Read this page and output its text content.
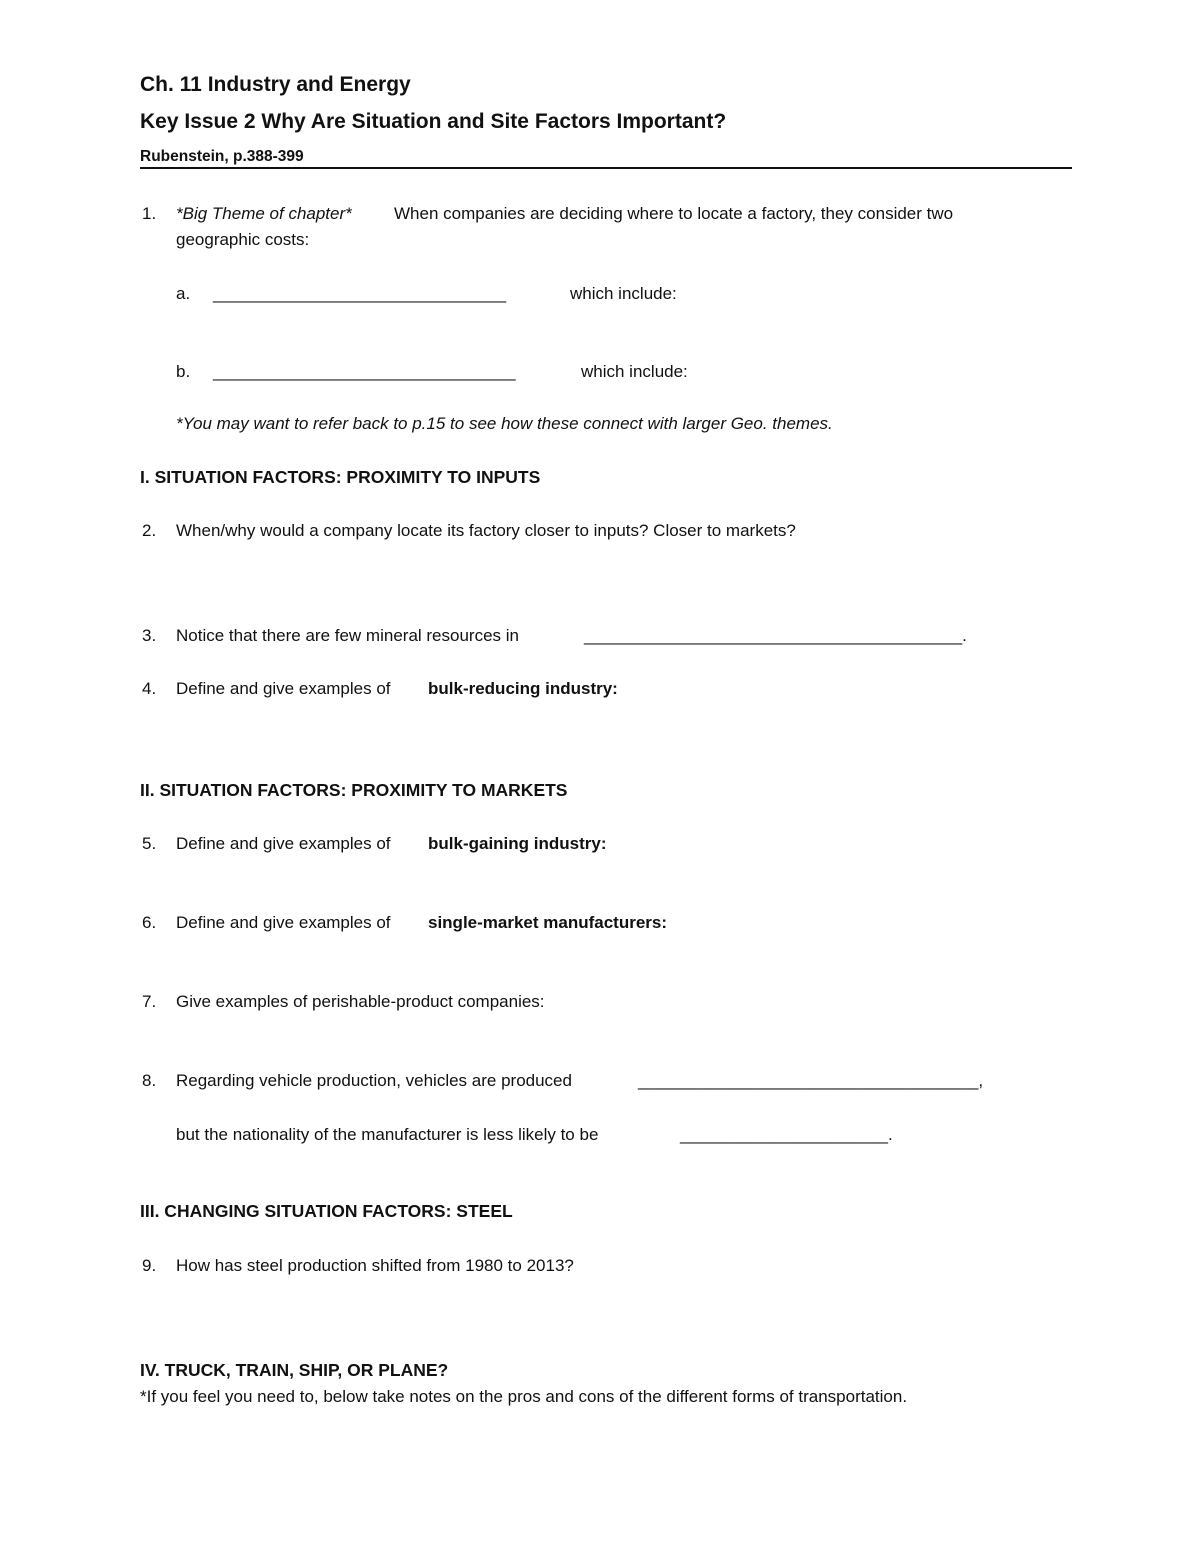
Ch. 11 Industry and Energy
Key Issue 2 Why Are Situation and Site Factors Important?
Rubenstein, p.388-399
1.	*Big Theme of chapter* When companies are deciding where to locate a factory, they consider two
geographic costs:
a. _______________________________	which include:
b. ________________________________	which include:
*You may want to refer back to p.15 to see how these connect with larger Geo. themes.
I. SITUATION FACTORS: PROXIMITY TO INPUTS
2.	When/why would a company locate its factory closer to inputs? Closer to markets?
3.	Notice that there are few mineral resources in	________________________________________.
4.	Define and give examples of bulk-reducing industry:
II. SITUATION FACTORS: PROXIMITY TO MARKETS
5.	Define and give examples of bulk-gaining industry:
6.	Define and give examples of single-market manufacturers:
7.	Give examples of perishable-product companies:
8.	Regarding vehicle production, vehicles are produced	____________________________________,
but the nationality of the manufacturer is less likely to be	______________________.
III. CHANGING SITUATION FACTORS: STEEL
9.	How has steel production shifted from 1980 to 2013?
IV. TRUCK, TRAIN, SHIP, OR PLANE?
*If you feel you need to, below take notes on the pros and cons of the different forms of transportation.
